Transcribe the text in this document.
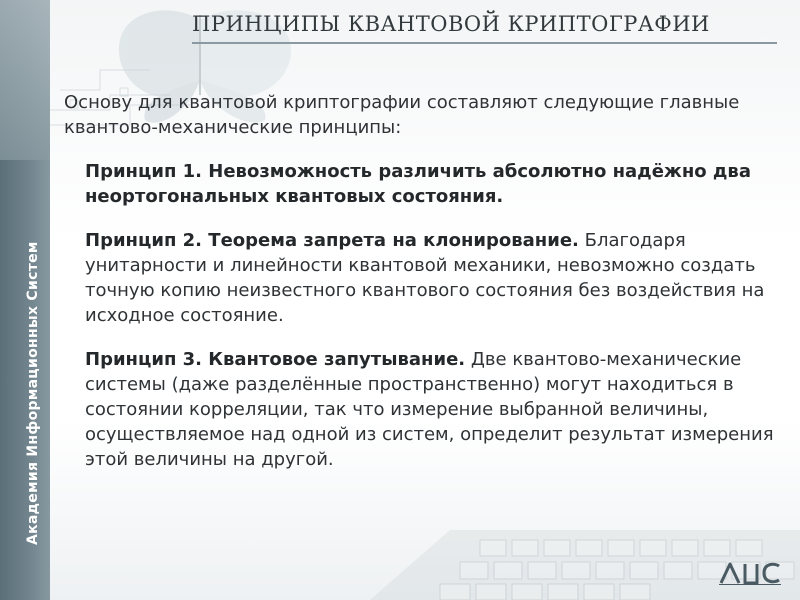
Академия Информационных Систем
ПРИНЦИПЫ КВАНТОВОЙ КРИПТОГРАФИИ

Основу для квантовой криптографии составляют следующие главные квантово-механические принципы:

Принцип 1. Невозможность различить абсолютно надёжно два неортогональных квантовых состояния.

Принцип 2. Теорема запрета на клонирование. Благодаря унитарности и линейности квантовой механики, невозможно создать точную копию неизвестного квантового состояния без воздействия на исходное состояние.

Принцип 3. Квантовое запутывание. Две квантово-механические системы (даже разделённые пространственно) могут находиться в состоянии корреляции, так что измерение выбранной величины, осуществляемое над одной из систем, определит результат измерения этой величины на другой.
